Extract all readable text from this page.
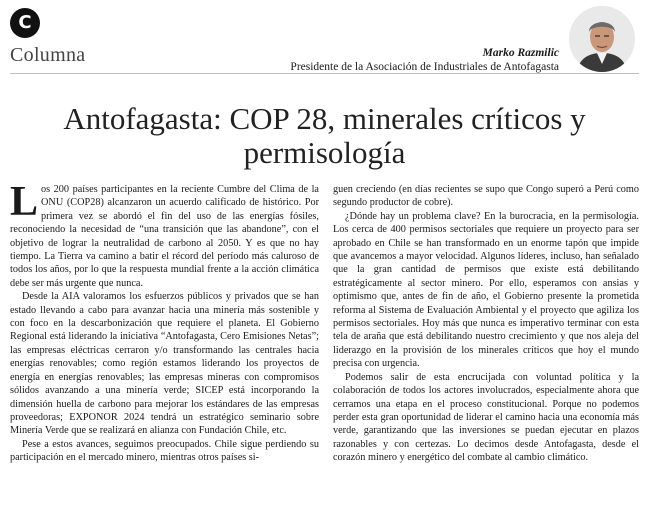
C
Columna	Marko Razmilic
Presidente de la Asociación de Industriales de Antofagasta
Antofagasta: COP 28, minerales críticos y permisología

Los 200 países participantes en la reciente Cumbre del Clima de la ONU (COP28) alcanzaron un acuerdo calificado de histórico. Por primera vez se abordó el fin del uso de las energías fósiles, reconociendo la necesidad de “una transición que las abandone”, con el objetivo de lograr la neutralidad de carbono al 2050. Y es que no hay tiempo. La Tierra va camino a batir el récord del período más caluroso de todos los años, por lo que la respuesta mundial frente a la acción climática debe ser más urgente que nunca.

Desde la AIA valoramos los esfuerzos públicos y privados que se han estado llevando a cabo para avanzar hacia una minería más sostenible y con foco en la descarbonización que requiere el planeta. El Gobierno Regional está liderando la iniciativa “Antofagasta, Cero Emisiones Netas”; las empresas eléctricas cerraron y/o transformando las centrales hacia energías renovables; como región estamos liderando los proyectos de energía en energías renovables; las empresas mineras con compromisos sólidos avanzando a una minería verde; SICEP está incorporando la dimensión huella de carbono para mejorar los estándares de las empresas proveedoras; EXPONOR 2024 tendrá un estratégico seminario sobre Minería Verde que se realizará en alianza con Fundación Chile, etc.

Pese a estos avances, seguimos preocupados. Chile sigue perdiendo su participación en el mercado minero, mientras otros países si-

guen creciendo (en días recientes se supo que Congo superó a Perú como segundo productor de cobre).

¿Dónde hay un problema clave? En la burocracia, en la permisología. Los cerca de 400 permisos sectoriales que requiere un proyecto para ser aprobado en Chile se han transformado en un enorme tapón que impide que avancemos a mayor velocidad. Algunos líderes, incluso, han señalado que la gran cantidad de permisos que existe está debilitando estratégicamente al sector minero. Por ello, esperamos con ansias y optimismo que, antes de fin de año, el Gobierno presente la prometida reforma al Sistema de Evaluación Ambiental y el proyecto que agiliza los permisos sectoriales. Hoy más que nunca es imperativo terminar con esta tela de araña que está debilitando nuestro crecimiento y que nos aleja del liderazgo en la provisión de los minerales críticos que hoy el mundo precisa con urgencia.

Podemos salir de esta encrucijada con voluntad política y la colaboración de todos los actores involucrados, especialmente ahora que cerramos una etapa en el proceso constitucional. Porque no podemos perder esta gran oportunidad de liderar el camino hacia una economía más verde, garantizando que las inversiones se puedan ejecutar en plazos razonables y con certezas. Lo decimos desde Antofagasta, desde el corazón minero y energético del combate al cambio climático.
